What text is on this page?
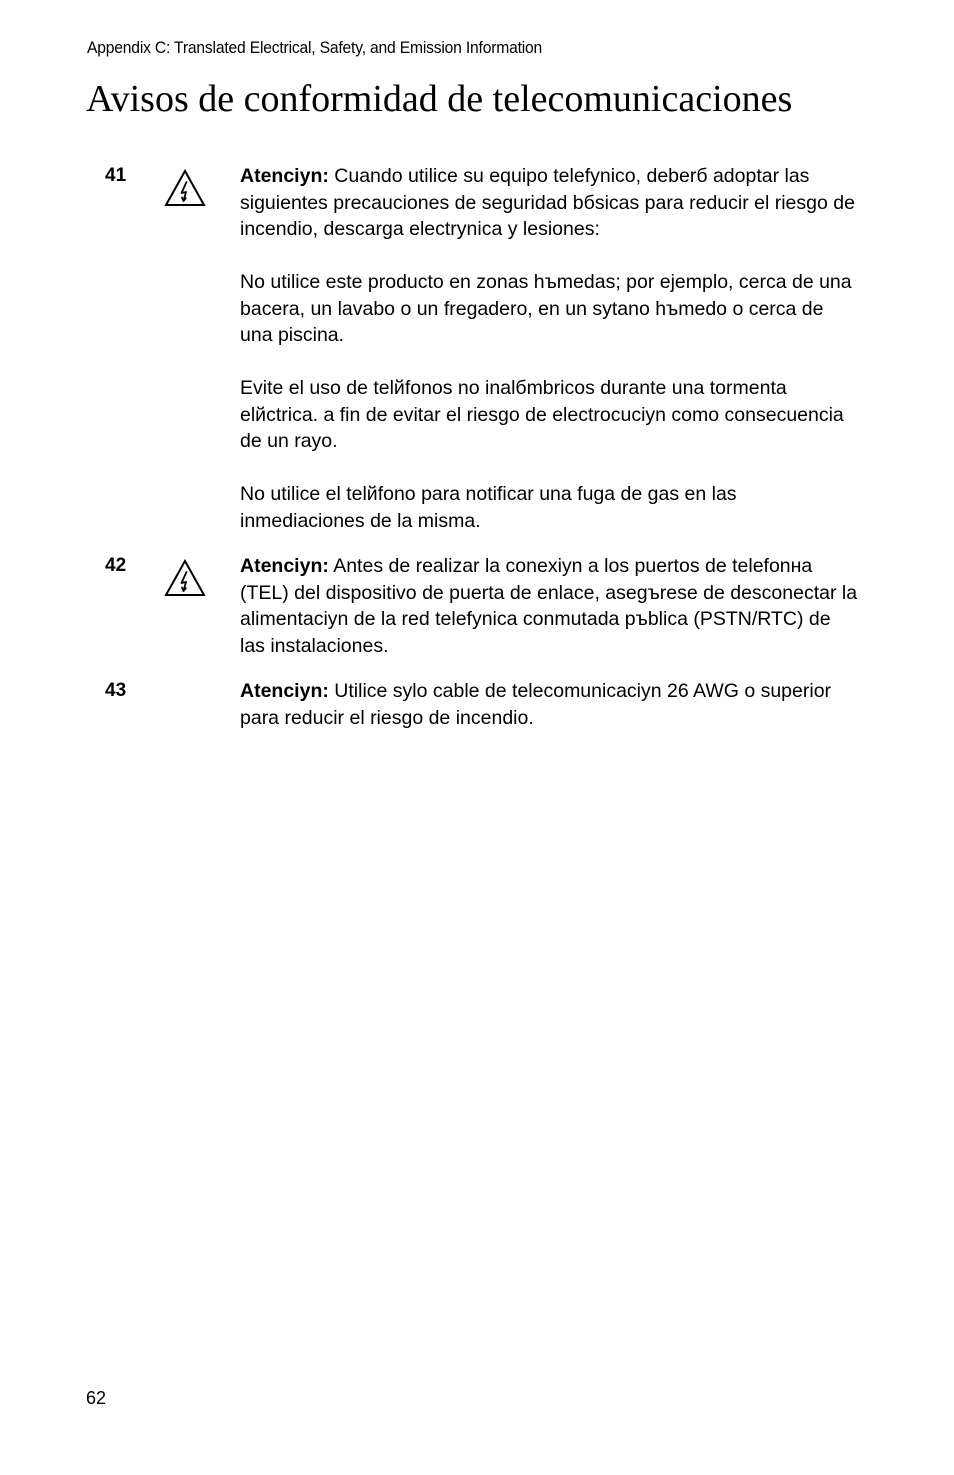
Appendix C: Translated Electrical, Safety, and Emission Information
Avisos de conformidad de telecomunicaciones
41	Atenciyn: Cuando utilice su equipo telefynico, deberб adoptar las siguientes precauciones de seguridad bбsicas para reducir el riesgo de incendio, descarga electrynica y lesiones:

No utilice este producto en zonas hъmedas; por ejemplo, cerca de una bacera, un lavabo o un fregadero, en un sytano hъmedo o cerca de una piscina.

Evite el uso de telйfonos no inalбmbricos durante una tormenta elйctrica. a fin de evitar el riesgo de electrocuciyn como consecuencia de un rayo.

No utilice el telйfono para notificar una fuga de gas en las inmediaciones de la misma.

42	Atenciyn: Antes de realizar la conexiyn a los puertos de telefonнa (TEL) del dispositivo de puerta de enlace, asegъrese de desconectar la alimentaciyn de la red telefynica conmutada pъblica (PSTN/RTC) de las instalaciones.

43	Atenciyn: Utilice sylo cable de telecomunicaciyn 26 AWG o superior para reducir el riesgo de incendio.

62
